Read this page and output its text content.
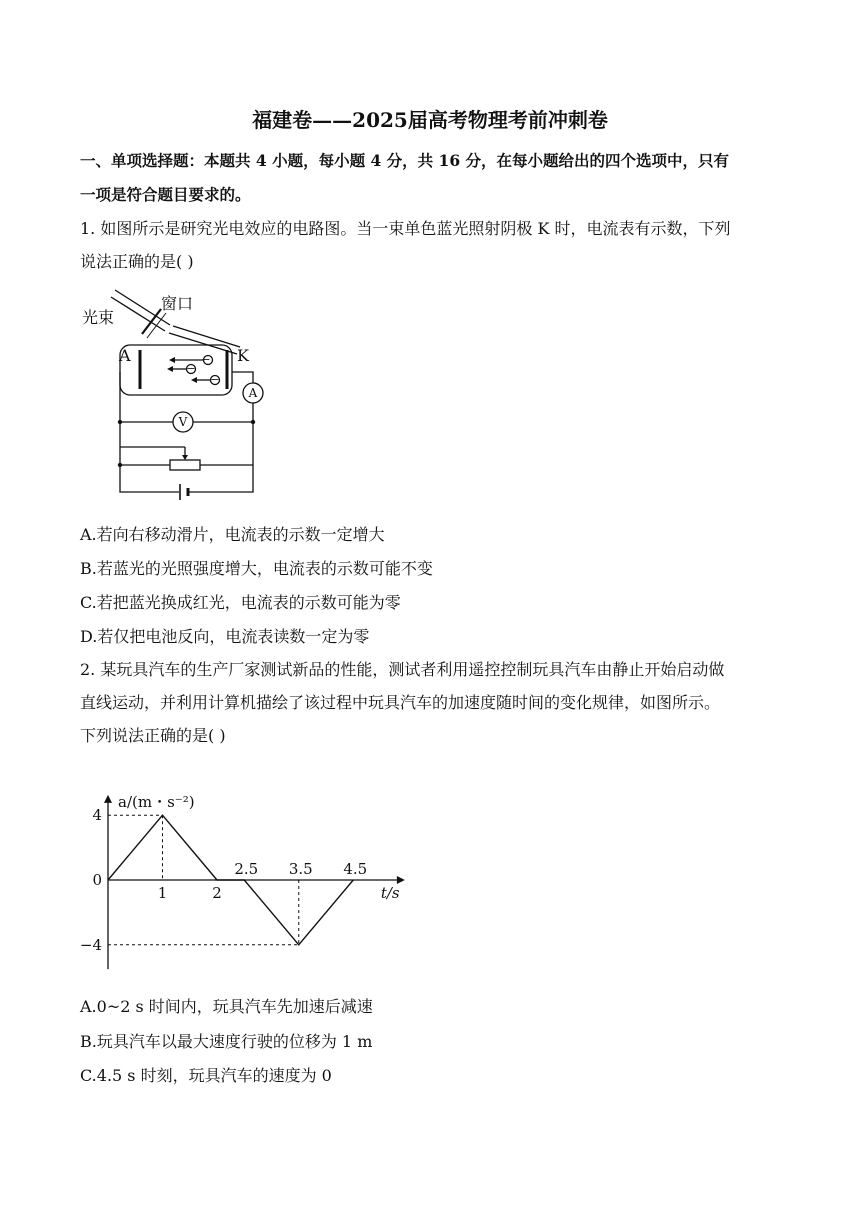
福建卷——2025届高考物理考前冲刺卷
一、单项选择题：本题共 4 小题，每小题 4 分，共 16 分，在每小题给出的四个选项中，只有
一项是符合题目要求的。
1. 如图所示是研究光电效应的电路图。当一束单色蓝光照射阴极 K 时，电流表有示数，下列
说法正确的是( )
−
−
−
光束
窗口
A	K
A
V
A.若向右移动滑片，电流表的示数一定增大
B.若蓝光的光照强度增大，电流表的示数可能不变
C.若把蓝光换成红光，电流表的示数可能为零
D.若仅把电池反向，电流表读数一定为零
2. 某玩具汽车的生产厂家测试新品的性能，测试者利用遥控控制玩具汽车由静止开始启动做
直线运动，并利用计算机描绘了该过程中玩具汽车的加速度随时间的变化规律，如图所示。
下列说法正确的是( )
a/(m・s⁻²)
t/s
1	2
2.5 3.5 4.5
4
0
−4
A.0~2 s 时间内，玩具汽车先加速后减速
B.玩具汽车以最大速度行驶的位移为 1 m
C.4.5 s 时刻，玩具汽车的速度为 0
